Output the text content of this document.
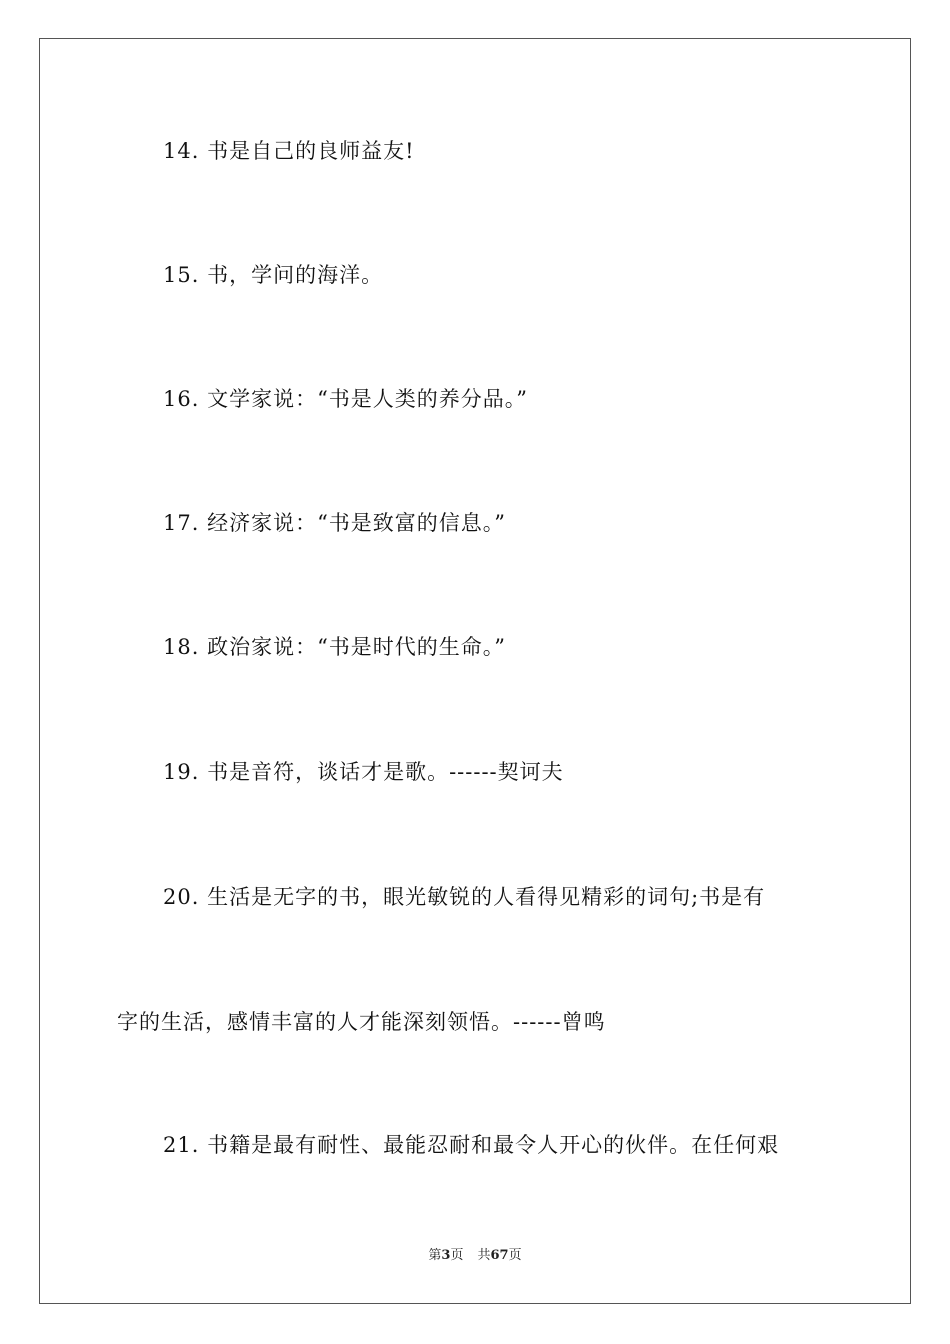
14. 书是自己的良师益友!
15. 书，学问的海洋。
16. 文学家说：“书是人类的养分品。”
17. 经济家说：“书是致富的信息。”
18. 政治家说：“书是时代的生命。”
19. 书是音符，谈话才是歌。------契诃夫
20. 生活是无字的书，眼光敏锐的人看得见精彩的词句;书是有
字的生活，感情丰富的人才能深刻领悟。------曾鸣
21. 书籍是最有耐性、最能忍耐和最令人开心的伙伴。在任何艰
第3页 共67页
